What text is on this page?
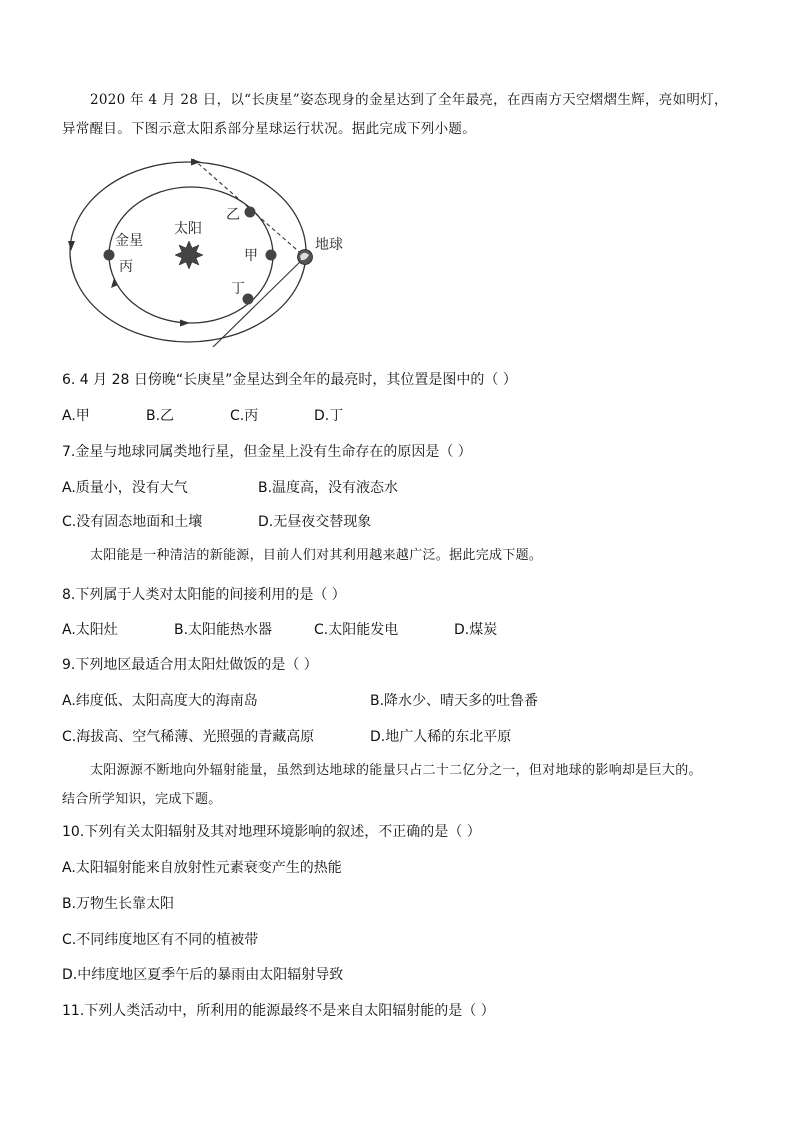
2020 年 4 月 28 日，以“长庚星”姿态现身的金星达到了全年最亮，在西南方天空熠熠生辉，亮如明灯，
异常醒目。下图示意太阳系部分星球运行状况。据此完成下列小题。

太阳
金星
丙
乙
甲
丁
地球

6. 4 月 28 日傍晚“长庚星”金星达到全年的最亮时，其位置是图中的（ ）

A.甲	B.乙	C.丙	D.丁

7.金星与地球同属类地行星，但金星上没有生命存在的原因是（ ）

A.质量小，没有大气	B.温度高，没有液态水

C.没有固态地面和土壤	D.无昼夜交替现象

太阳能是一种清洁的新能源，目前人们对其利用越来越广泛。据此完成下题。

8.下列属于人类对太阳能的间接利用的是（ ）

A.太阳灶	B.太阳能热水器	C.太阳能发电	D.煤炭

9.下列地区最适合用太阳灶做饭的是（ ）

A.纬度低、太阳高度大的海南岛	B.降水少、晴天多的吐鲁番

C.海拔高、空气稀薄、光照强的青藏高原	D.地广人稀的东北平原

太阳源源不断地向外辐射能量，虽然到达地球的能量只占二十二亿分之一，但对地球的影响却是巨大的。
结合所学知识，完成下题。

10.下列有关太阳辐射及其对地理环境影响的叙述，不正确的是（ ）

A.太阳辐射能来自放射性元素衰变产生的热能

B.万物生长靠太阳

C.不同纬度地区有不同的植被带

D.中纬度地区夏季午后的暴雨由太阳辐射导致

11.下列人类活动中，所利用的能源最终不是来自太阳辐射能的是（ ）
